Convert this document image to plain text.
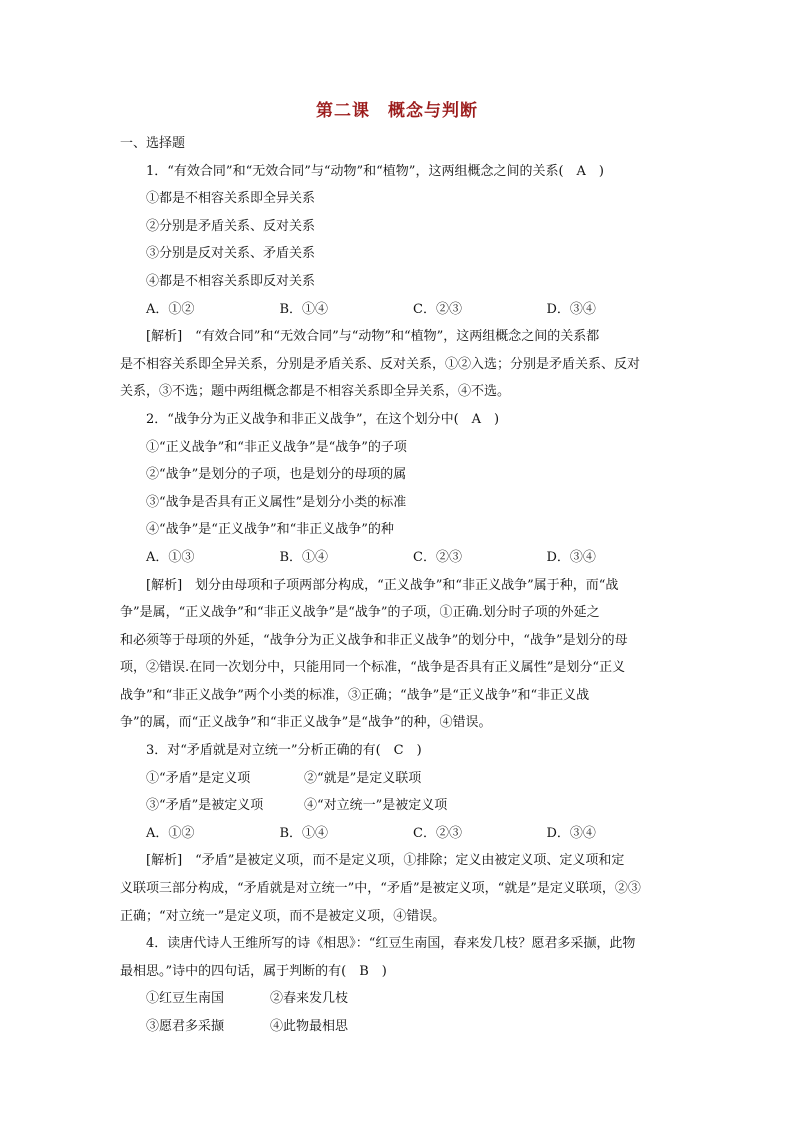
第二课　概念与判断
一、选择题
1．“有效合同”和“无效合同”与“动物”和“植物”，这两组概念之间的关系(　A　)
①都是不相容关系即全异关系
②分别是矛盾关系、反对关系
③分别是反对关系、矛盾关系
④都是不相容关系即反对关系
A．①②	B．①④	C．②③	D．③④
[解析]　“有效合同”和“无效合同”与“动物”和“植物”，这两组概念之间的关系都
是不相容关系即全异关系，分别是矛盾关系、反对关系，①②入选；分别是矛盾关系、反对
关系，③不选；题中两组概念都是不相容关系即全异关系，④不选。
2．“战争分为正义战争和非正义战争”，在这个划分中(　A　)
①“正义战争”和“非正义战争”是“战争”的子项
②“战争”是划分的子项，也是划分的母项的属
③“战争是否具有正义属性”是划分小类的标准
④“战争”是“正义战争”和“非正义战争”的种
A．①③	B．①④	C．②③	D．③④
[解析]　划分由母项和子项两部分构成，“正义战争”和“非正义战争”属于种，而“战
争”是属，“正义战争”和“非正义战争”是“战争”的子项，①正确.划分时子项的外延之
和必须等于母项的外延，“战争分为正义战争和非正义战争”的划分中，“战争”是划分的母
项，②错误.在同一次划分中，只能用同一个标准，“战争是否具有正义属性”是划分“正义
战争”和“非正义战争”两个小类的标准，③正确；“战争”是“正义战争”和“非正义战
争”的属，而“正义战争”和“非正义战争”是“战争”的种，④错误。
3．对“矛盾就是对立统一”分析正确的有(　C　)
①“矛盾”是定义项	②“就是”是定义联项
③“矛盾”是被定义项	④“对立统一”是被定义项
A．①②	B．①④	C．②③	D．③④
[解析]　“矛盾”是被定义项，而不是定义项，①排除；定义由被定义项、定义项和定
义联项三部分构成，“矛盾就是对立统一”中，“矛盾”是被定义项，“就是”是定义联项，②③
正确；“对立统一”是定义项，而不是被定义项，④错误。
4．读唐代诗人王维所写的诗《相思》：“红豆生南国，春来发几枝？愿君多采撷，此物
最相思。”诗中的四句话，属于判断的有(　B　)
①红豆生南国	②春来发几枝
③愿君多采撷	④此物最相思
